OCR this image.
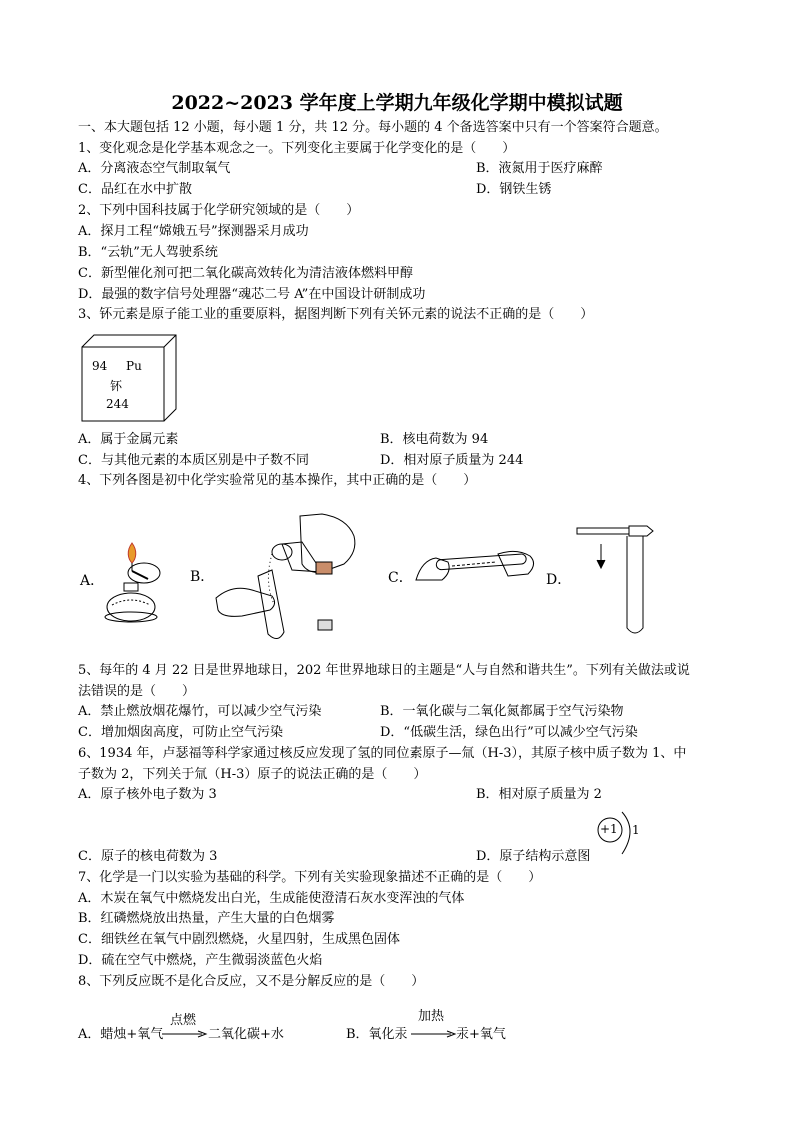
2022~2023 学年度上学期九年级化学期中模拟试题
一、本大题包括 12 小题，每小题 1 分，共 12 分。每小题的 4 个备选答案中只有一个答案符合题意。
1、变化观念是化学基本观念之一。下列变化主要属于化学变化的是（　　）
A．分离液态空气制取氧气	B．液氮用于医疗麻醉
C．品红在水中扩散	D．钢铁生锈
2、下列中国科技属于化学研究领域的是（　　）
A．探月工程“嫦娥五号”探测器采月成功
B．“云轨”无人驾驶系统
C．新型催化剂可把二氧化碳高效转化为清洁液体燃料甲醇
D．最强的数字信号处理器“魂芯二号 A”在中国设计研制成功
3、钚元素是原子能工业的重要原料，据图判断下列有关钚元素的说法不正确的是（　　）
94 Pu
钚
244
A．属于金属元素	B．核电荷数为 94
C．与其他元素的本质区别是中子数不同	D．相对原子质量为 244
4、下列各图是初中化学实验常见的基本操作，其中正确的是（　　）
A．	B．	C．	D．
5、每年的 4 月 22 日是世界地球日，202 年世界地球日的主题是“人与自然和谐共生”。下列有关做法或说
法错误的是（　　）
A．禁止燃放烟花爆竹，可以减少空气污染	B．一氧化碳与二氧化氮都属于空气污染物
C．增加烟囱高度，可防止空气污染	D．“低碳生活，绿色出行”可以减少空气污染
6、1934 年，卢瑟福等科学家通过核反应发现了氢的同位素原子—氚（H-3），其原子核中质子数为 1、中
子数为 2，下列关于氚（H-3）原子的说法正确的是（　　）
A．原子核外电子数为 3	B．相对原子质量为 2
+1 1
C．原子的核电荷数为 3	D．原子结构示意图
7、化学是一门以实验为基础的科学。下列有关实验现象描述不正确的是（　　）
A．木炭在氧气中燃烧发出白光，生成能使澄清石灰水变浑浊的气体
B．红磷燃烧放出热量，产生大量的白色烟雾
C．细铁丝在氧气中剧烈燃烧，火星四射，生成黑色固体
D．硫在空气中燃烧，产生微弱淡蓝色火焰
8、下列反应既不是化合反应，又不是分解反应的是（　　）
A．蜡烛+氧气
点燃
二氧化碳+水	B．氧化汞
加热
汞+氧气
